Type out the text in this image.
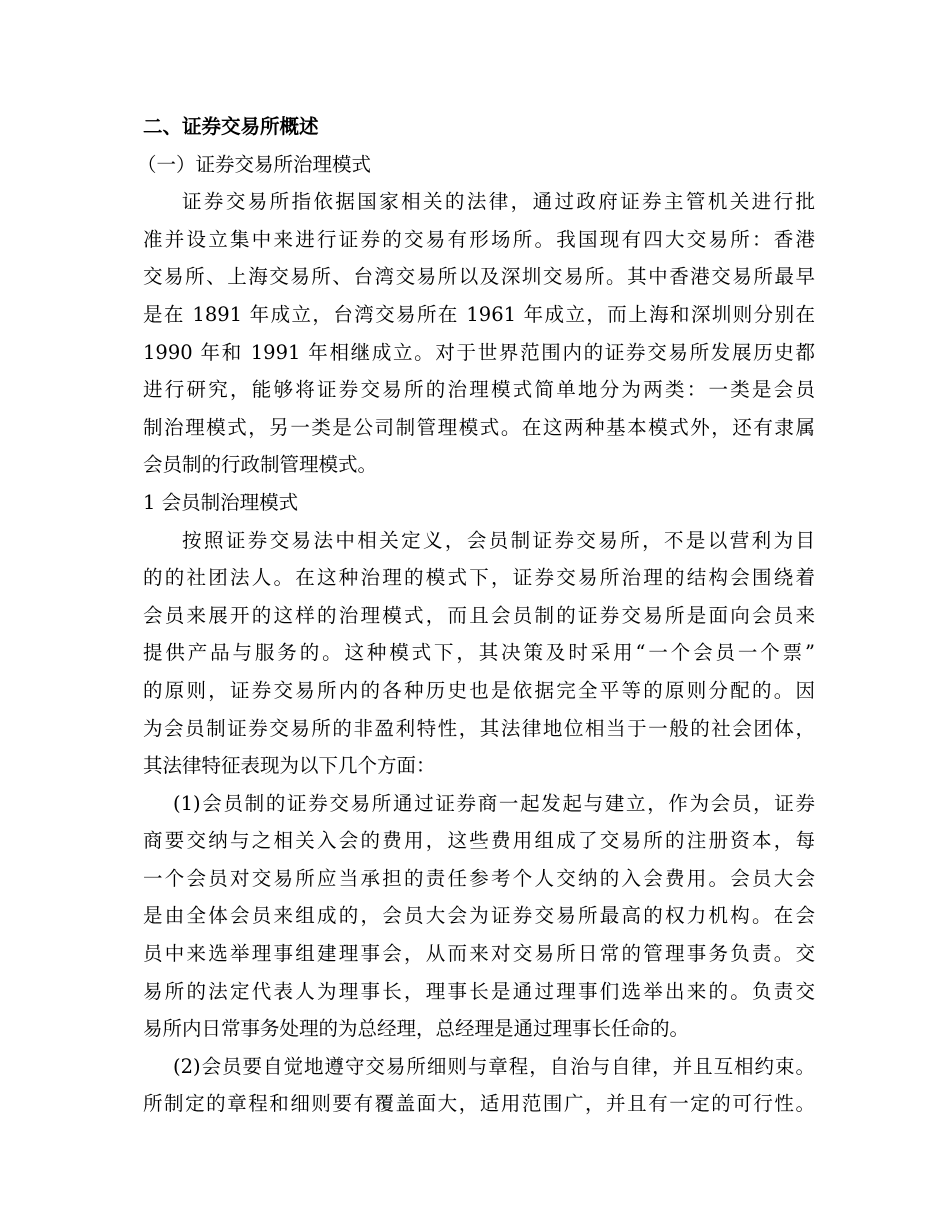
二、证券交易所概述
（一）证券交易所治理模式
证券交易所指依据国家相关的法律，通过政府证券主管机关进行批
准并设立集中来进行证券的交易有形场所。我国现有四大交易所：香港
交易所、上海交易所、台湾交易所以及深圳交易所。其中香港交易所最早
是在 1891 年成立，台湾交易所在 1961 年成立，而上海和深圳则分别在
1990 年和 1991 年相继成立。对于世界范围内的证券交易所发展历史都
进行研究，能够将证券交易所的治理模式简单地分为两类：一类是会员
制治理模式，另一类是公司制管理模式。在这两种基本模式外，还有隶属
会员制的行政制管理模式。
1 会员制治理模式
按照证券交易法中相关定义，会员制证券交易所，不是以营利为目
的的社团法人。在这种治理的模式下，证券交易所治理的结构会围绕着
会员来展开的这样的治理模式，而且会员制的证券交易所是面向会员来
提供产品与服务的。这种模式下，其决策及时采用“一个会员一个票”
的原则，证券交易所内的各种历史也是依据完全平等的原则分配的。因
为会员制证券交易所的非盈利特性，其法律地位相当于一般的社会团体，
其法律特征表现为以下几个方面：
(1)会员制的证券交易所通过证券商一起发起与建立，作为会员，证券
商要交纳与之相关入会的费用，这些费用组成了交易所的注册资本，每
一个会员对交易所应当承担的责任参考个人交纳的入会费用。会员大会
是由全体会员来组成的，会员大会为证券交易所最高的权力机构。在会
员中来选举理事组建理事会，从而来对交易所日常的管理事务负责。交
易所的法定代表人为理事长，理事长是通过理事们选举出来的。负责交
易所内日常事务处理的为总经理，总经理是通过理事长任命的。
(2)会员要自觉地遵守交易所细则与章程，自治与自律，并且互相约束。
所制定的章程和细则要有覆盖面大，适用范围广，并且有一定的可行性。
